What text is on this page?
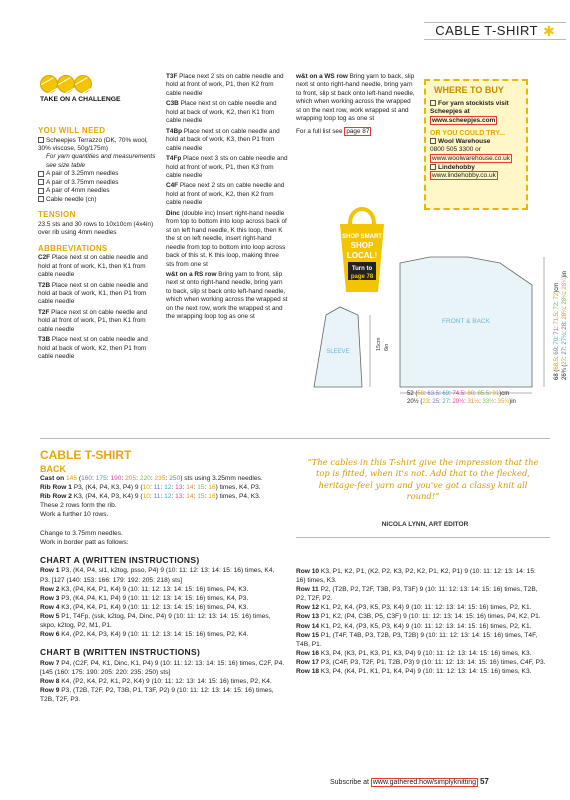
CABLE T-SHIRT ✱
TAKE ON A CHALLENGE
YOU WILL NEED
Scheepjes Terrazzo (DK, 70% wool, 30% viscose, 50g/175m)
For yarn quantities and measurements see size table
A pair of 3.25mm needles
A pair of 3.75mm needles
A pair of 4mm needles
Cable needle (cn)
TENSION
23.5 sts and 30 rows to 10x10cm (4x4in) over rib using 4mm needles
ABBREVIATIONS
C2F Place next st on cable needle and hold at front of work, K1, then K1 from cable needle
T2B Place next st on cable needle and hold at back of work, K1, then P1 from cable needle
T2F Place next st on cable needle and hold at front of work, P1, then K1 from cable needle
T3B Place next st on cable needle and hold at back of work, K2, then P1 from cable needle
T3F Place next 2 sts on cable needle and hold at front of work, P1, then K2 from cable needle
C3B Place next st on cable needle and hold at back of work, K2, then K1 from cable needle
T4Bp Place next st on cable needle and hold at back of work, K3, then P1 from cable needle
T4Fp Place next 3 sts on cable needle and hold at front of work, P1, then K3 from cable needle
C4F Place next 2 sts on cable needle and hold at front of work, K2, then K2 from cable needle
Dinc (double inc) Insert right-hand needle from top to bottom into loop across back of st on left hand needle, K this loop, then K the st on left needle, insert right-hand needle from top to bottom into loop across back of this st, K this loop, making three sts from one st
w&t on a RS row Bring yarn to front, slip next st onto right-hand needle, bring yarn to back, slip st back onto left-hand needle, which when working across the wrapped st on the next row, work the wrapped st and the wrapping loop tog as one st
w&t on a WS row Bring yarn to back, slip next st onto right-hand needle, bring yarn to front, slip st back onto left-hand needle, which when working across the wrapped st on the next row, work wrapped st and wrapping loop tog as one st
For a full list see page 87
WHERE TO BUY

For yarn stockists visit Scheepjes at

www.scheepjes.com

OR YOU COULD TRY...

Wool Warehouse

0800 505 3300 or

www.woolwarehouse.co.uk

Lindehobby

www.lindehobby.co.uk

SHOP SMART
SHOP
LOCAL!
Turn to
page 78
SLEEVE
15cm 6in
FRONT & BACK
52 (58: 63.5: 69: 74.5: 80: 85.5: 91)cm
20½ (23: 25: 27: 29½: 31½: 33½: 35¾)in
68 (68.5: 69: 70: 71: 71.5: 72: 72)cm
26¾ (27: 27: 27½: 28: 28¼: 28¼: 28¼)in
CABLE T-SHIRT
BACK
Cast on 145 (160: 175: 190: 205: 220: 235: 250) sts using 3.25mm needles.
Rib Row 1 P3, (K4, P4, K3, P4) 9 (10: 11: 12: 13: 14: 15: 16) times, K4, P3.
Rib Row 2 K3, (P4, K4, P3, K4) 9 (10: 11: 12: 13: 14: 15: 16) times, P4, K3.
These 2 rows form the rib.
Work a further 10 rows.

Change to 3.75mm needles.
Work in border patt as follows:
CHART A (WRITTEN INSTRUCTIONS)
Row 1 P3, (K4, P4, sl1, k2tog, psso, P4) 9 (10: 11: 12: 13: 14: 15: 16) times, K4, P3. [127 (140: 153: 166: 179: 192: 205: 218) sts]
Row 2 K3, (P4, K4, P1, K4) 9 (10: 11: 12: 13: 14: 15: 16) times, P4, K3.
Row 3 P3, (K4, P4, K1, P4) 9 (10: 11: 12: 13: 14: 15: 16) times, K4, P3.
Row 4 K3, (P4, K4, P1, K4) 9 (10: 11: 12: 13: 14: 15: 16) times, P4, K3.
Row 5 P1, T4Fp, (ssk, k2tog, P4, Dinc, P4) 9 (10: 11: 12: 13: 14: 15: 16) times, skpo, k2tog, P2, M1, P1.
Row 6 K4, (P2, K4, P3, K4) 9 (10: 11: 12: 13: 14: 15: 16) times, P2, K4.
CHART B (WRITTEN INSTRUCTIONS)
Row 7 P4, (C2F, P4, K1, Dinc, K1, P4) 9 (10: 11: 12: 13: 14: 15: 16) times, C2F, P4. [145 (160: 175: 190: 205: 220: 235: 250) sts]
Row 8 K4, (P2, K4, P2, K1, P2, K4) 9 (10: 11: 12: 13: 14: 15: 16) times, P2, K4.
Row 9 P3, (T2B, T2F, P2, T3B, P1, T3F, P2) 9 (10: 11: 12: 13: 14: 15: 16) times, T2B, T2F, P3.
“The cables in this T-shirt give the impression that the top is fitted, when it's not. Add that to the flecked, heritage-feel yarn and you've got a classy knit all round!”
NICOLA LYNN, ART EDITOR
Row 10 K3, P1, K2, P1, (K2, P2, K3, P2, K2, P1, K2, P1) 9 (10: 11: 12: 13: 14: 15: 16) times, K3.
Row 11 P2, (T2B, P2, T2F, T3B, P3, T3F) 9 (10: 11: 12: 13: 14: 15: 16) times, T2B, P2, T2F, P2.
Row 12 K1, P2, K4, (P3, K5, P3, K4) 9 (10: 11: 12: 13: 14: 15: 16) times, P2, K1.
Row 13 P1, K2, (P4, C3B, P5, C3F) 9 (10: 11: 12: 13: 14: 15: 16) times, P4, K2, P1.
Row 14 K1, P2, K4, (P3, K5, P3, K4) 9 (10: 11: 12: 13: 14: 15: 16) times, P2, K1.
Row 15 P1, (T4F, T4B, P3, T2B, P3, T2B) 9 (10: 11: 12: 13: 14: 15: 16) times, T4F, T4B, P1.
Row 16 K3, P4, (K3, P1, K3, P1, K3, P4) 9 (10: 11: 12: 13: 14: 15: 16) times, K3.
Row 17 P3, (C4F, P3, T2F, P1, T2B, P3) 9 (10: 11: 12: 13: 14: 15: 16) times, C4F, P3.
Row 18 K3, P4, (K4, P1, K1, P1, K4, P4) 9 (10: 11: 12: 13: 14: 15: 16) times, K3.
Subscribe at www.gathered.how/simplyknitting 57
